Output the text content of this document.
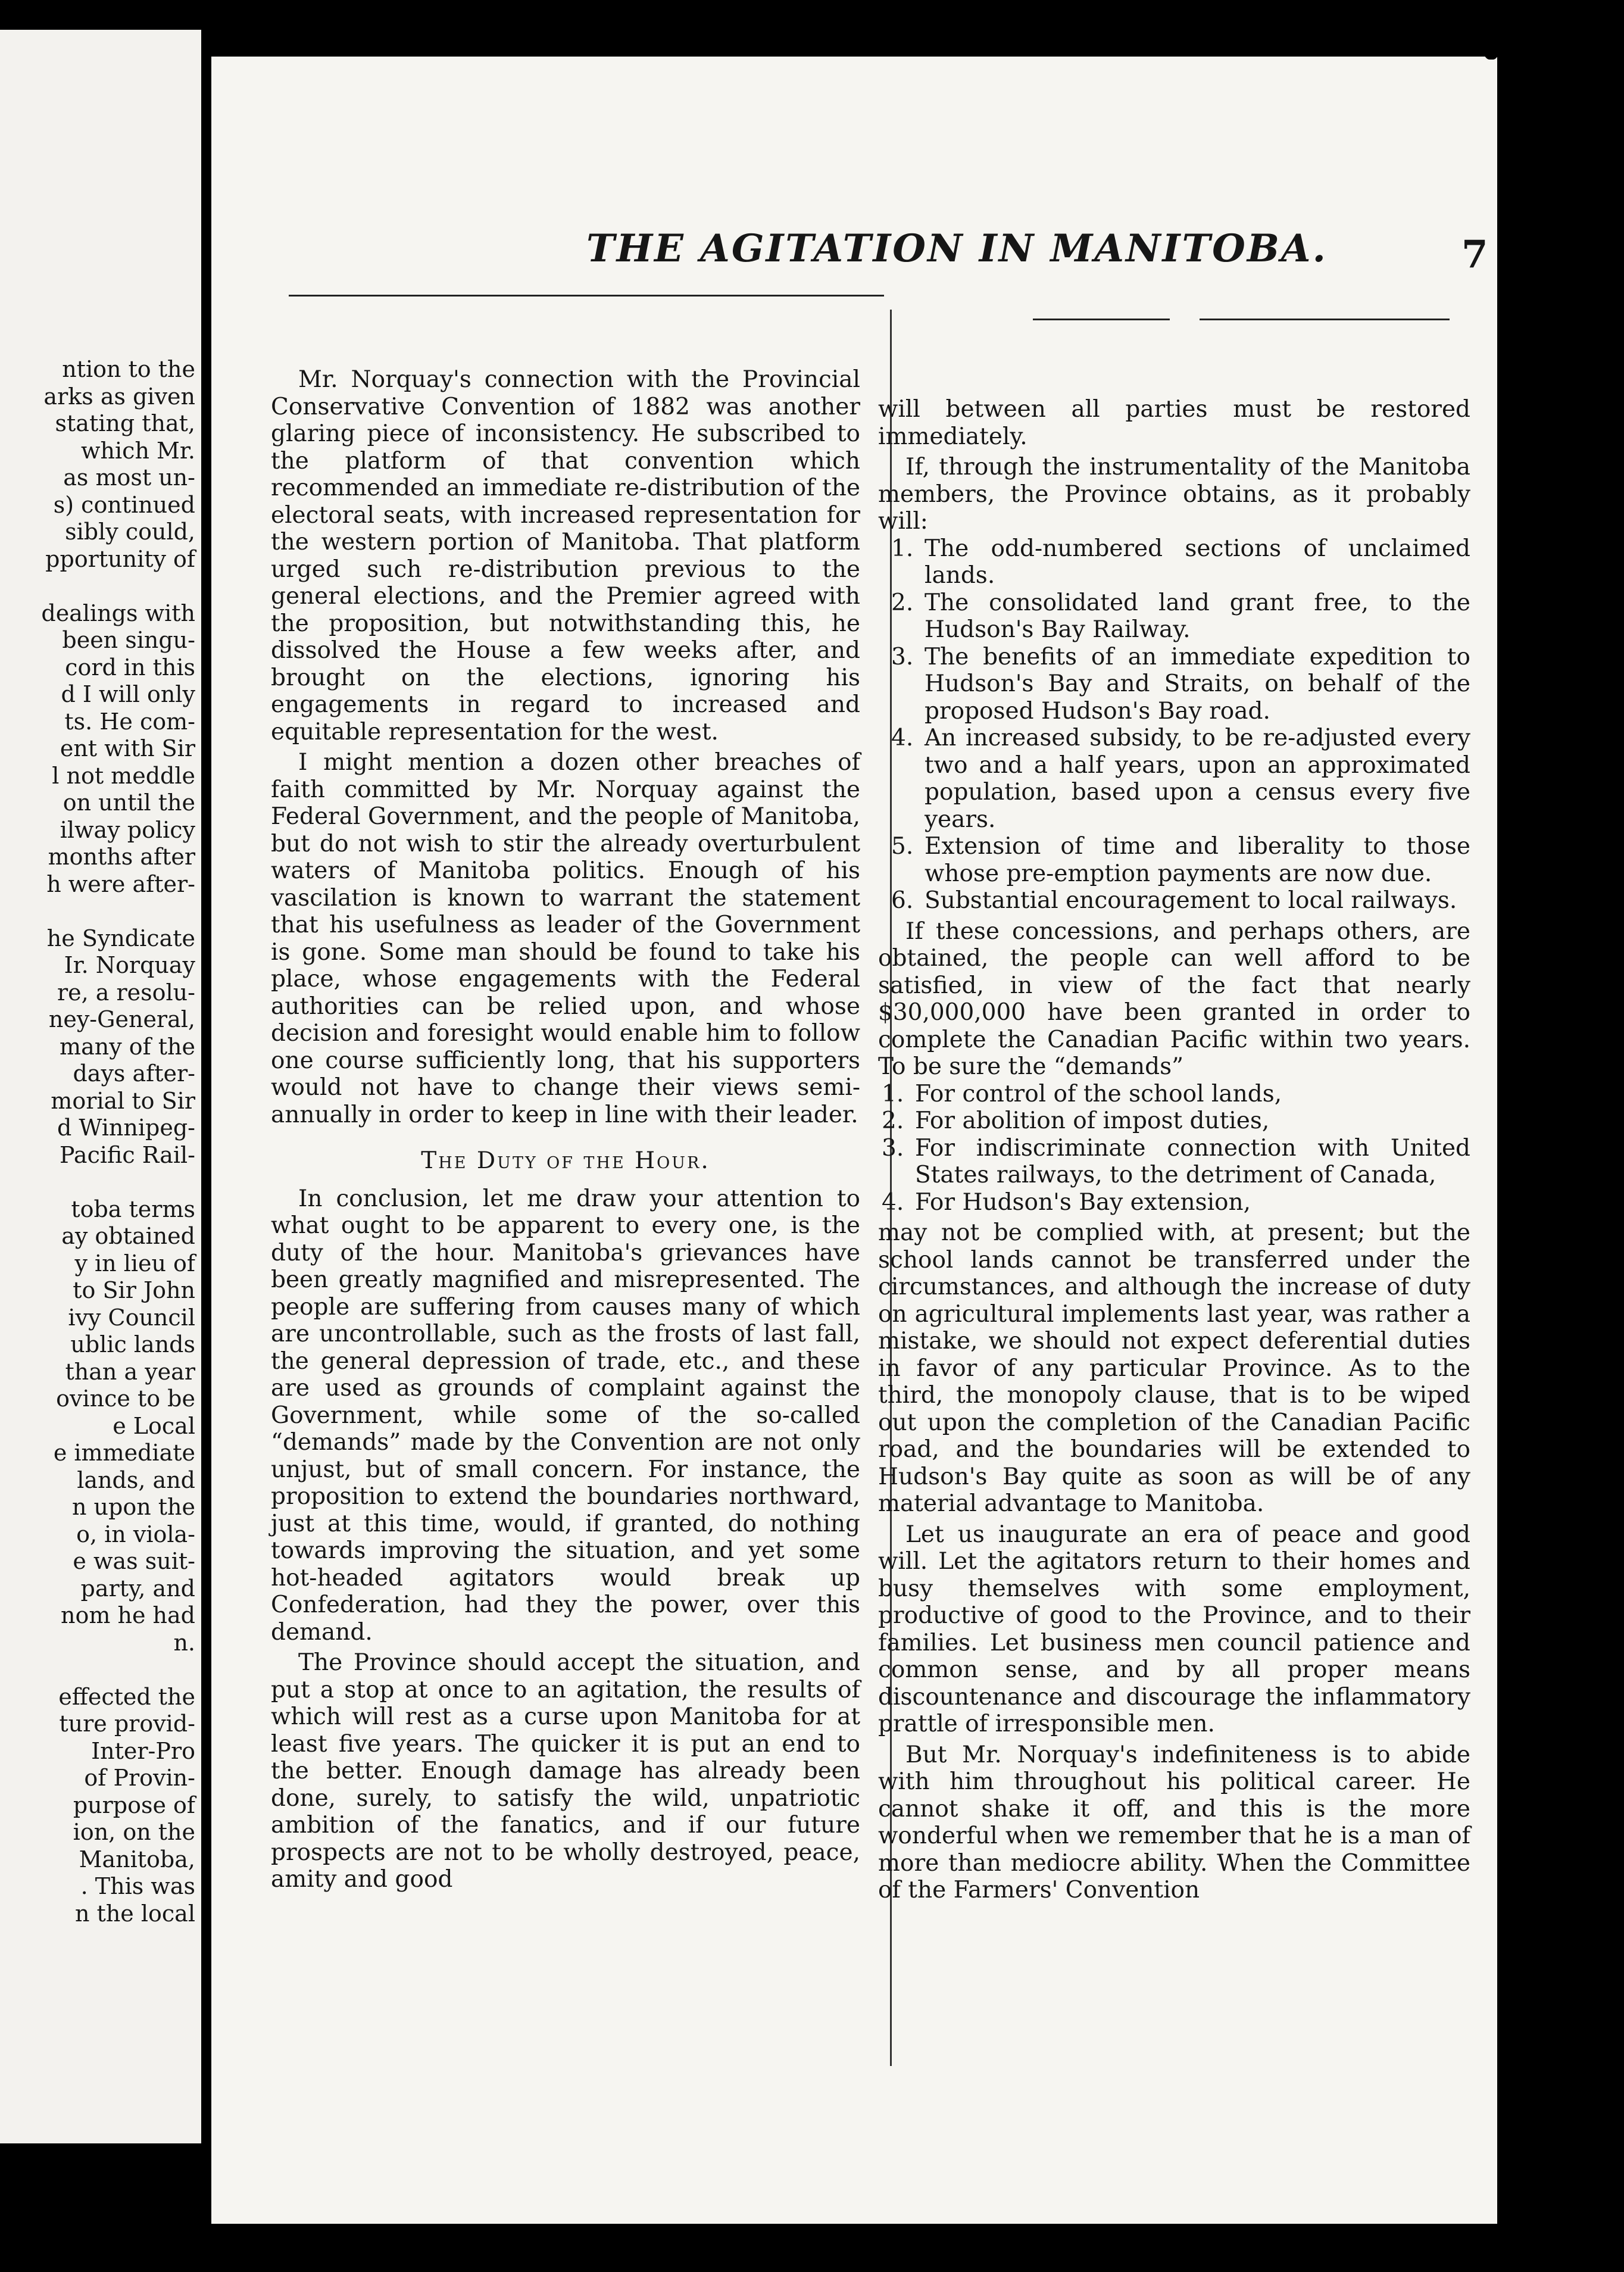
ntion to the
arks as given
stating that,
which Mr.
as most un-
s) continued
sibly could,
pportunity of
dealings with
been singu-
cord in this
d I will only
ts. He com-
ent with Sir
l not meddle
on until the
ilway policy
months after
h were after-
he Syndicate
Ir. Norquay
re, a resolu-
ney-General,
many of the
days after-
morial to Sir
d Winnipeg-
Pacific Rail-
toba terms
ay obtained
y in lieu of
to Sir John
ivy Council
ublic lands
than a year
ovince to be
e Local
e immediate
lands, and
n upon the
o, in viola-
e was suit-
party, and
nom he had
n.
effected the
ture provid-
Inter-Pro
of Provin-
purpose of
ion, on the
Manitoba,
. This was
n the local
THE AGITATION IN MANITOBA.	7

Mr. Norquay's connection with the Provincial Conservative Convention of 1882 was another glaring piece of inconsistency. He subscribed to the platform of that convention which recommended an immediate re-distribution of the electoral seats, with increased representation for the western portion of Manitoba. That platform urged such re-distribution previous to the general elections, and the Premier agreed with the proposition, but notwithstanding this, he dissolved the House a few weeks after, and brought on the elections, ignoring his engagements in regard to increased and equitable representation for the west.

I might mention a dozen other breaches of faith committed by Mr. Norquay against the Federal Government, and the people of Manitoba, but do not wish to stir the already overturbulent waters of Manitoba politics. Enough of his vascilation is known to warrant the statement that his usefulness as leader of the Government is gone. Some man should be found to take his place, whose engagements with the Federal authorities can be relied upon, and whose decision and foresight would enable him to follow one course sufficiently long, that his supporters would not have to change their views semi-annually in order to keep in line with their leader.

The Duty of the Hour.

In conclusion, let me draw your attention to what ought to be apparent to every one, is the duty of the hour. Manitoba's grievances have been greatly magnified and misrepresented. The people are suffering from causes many of which are uncontrollable, such as the frosts of last fall, the general depression of trade, etc., and these are used as grounds of complaint against the Government, while some of the so-called “demands” made by the Convention are not only unjust, but of small concern. For instance, the proposition to extend the boundaries northward, just at this time, would, if granted, do nothing towards improving the situation, and yet some hot-headed agitators would break up Confederation, had they the power, over this demand.

The Province should accept the situation, and put a stop at once to an agitation, the results of which will rest as a curse upon Manitoba for at least five years. The quicker it is put an end to the better. Enough damage has already been done, surely, to satisfy the wild, unpatriotic ambition of the fanatics, and if our future prospects are not to be wholly destroyed, peace, amity and good

will between all parties must be restored immediately.

If, through the instrumentality of the Manitoba members, the Province obtains, as it probably will:

1. The odd-numbered sections of unclaimed lands.
2. The consolidated land grant free, to the Hudson's Bay Railway.
3. The benefits of an immediate expedition to Hudson's Bay and Straits, on behalf of the proposed Hudson's Bay road.
4. An increased subsidy, to be re-adjusted every two and a half years, upon an approximated population, based upon a census every five years.
5. Extension of time and liberality to those whose pre-emption payments are now due.
6. Substantial encouragement to local railways.

If these concessions, and perhaps others, are obtained, the people can well afford to be satisfied, in view of the fact that nearly $30,000,000 have been granted in order to complete the Canadian Pacific within two years. To be sure the “demands”

1. For control of the school lands,
2. For abolition of impost duties,
3. For indiscriminate connection with United States railways, to the detriment of Canada,
4. For Hudson's Bay extension,

may not be complied with, at present; but the school lands cannot be transferred under the circumstances, and although the increase of duty on agricultural implements last year, was rather a mistake, we should not expect deferential duties in favor of any particular Province. As to the third, the monopoly clause, that is to be wiped out upon the completion of the Canadian Pacific road, and the boundaries will be extended to Hudson's Bay quite as soon as will be of any material advantage to Manitoba.

Let us inaugurate an era of peace and good will. Let the agitators return to their homes and busy themselves with some employment, productive of good to the Province, and to their families. Let business men council patience and common sense, and by all proper means discountenance and discourage the inflammatory prattle of irresponsible men.

But Mr. Norquay's indefiniteness is to abide with him throughout his political career. He cannot shake it off, and this is the more wonderful when we remember that he is a man of more than mediocre ability. When the Committee of the Farmers' Convention
